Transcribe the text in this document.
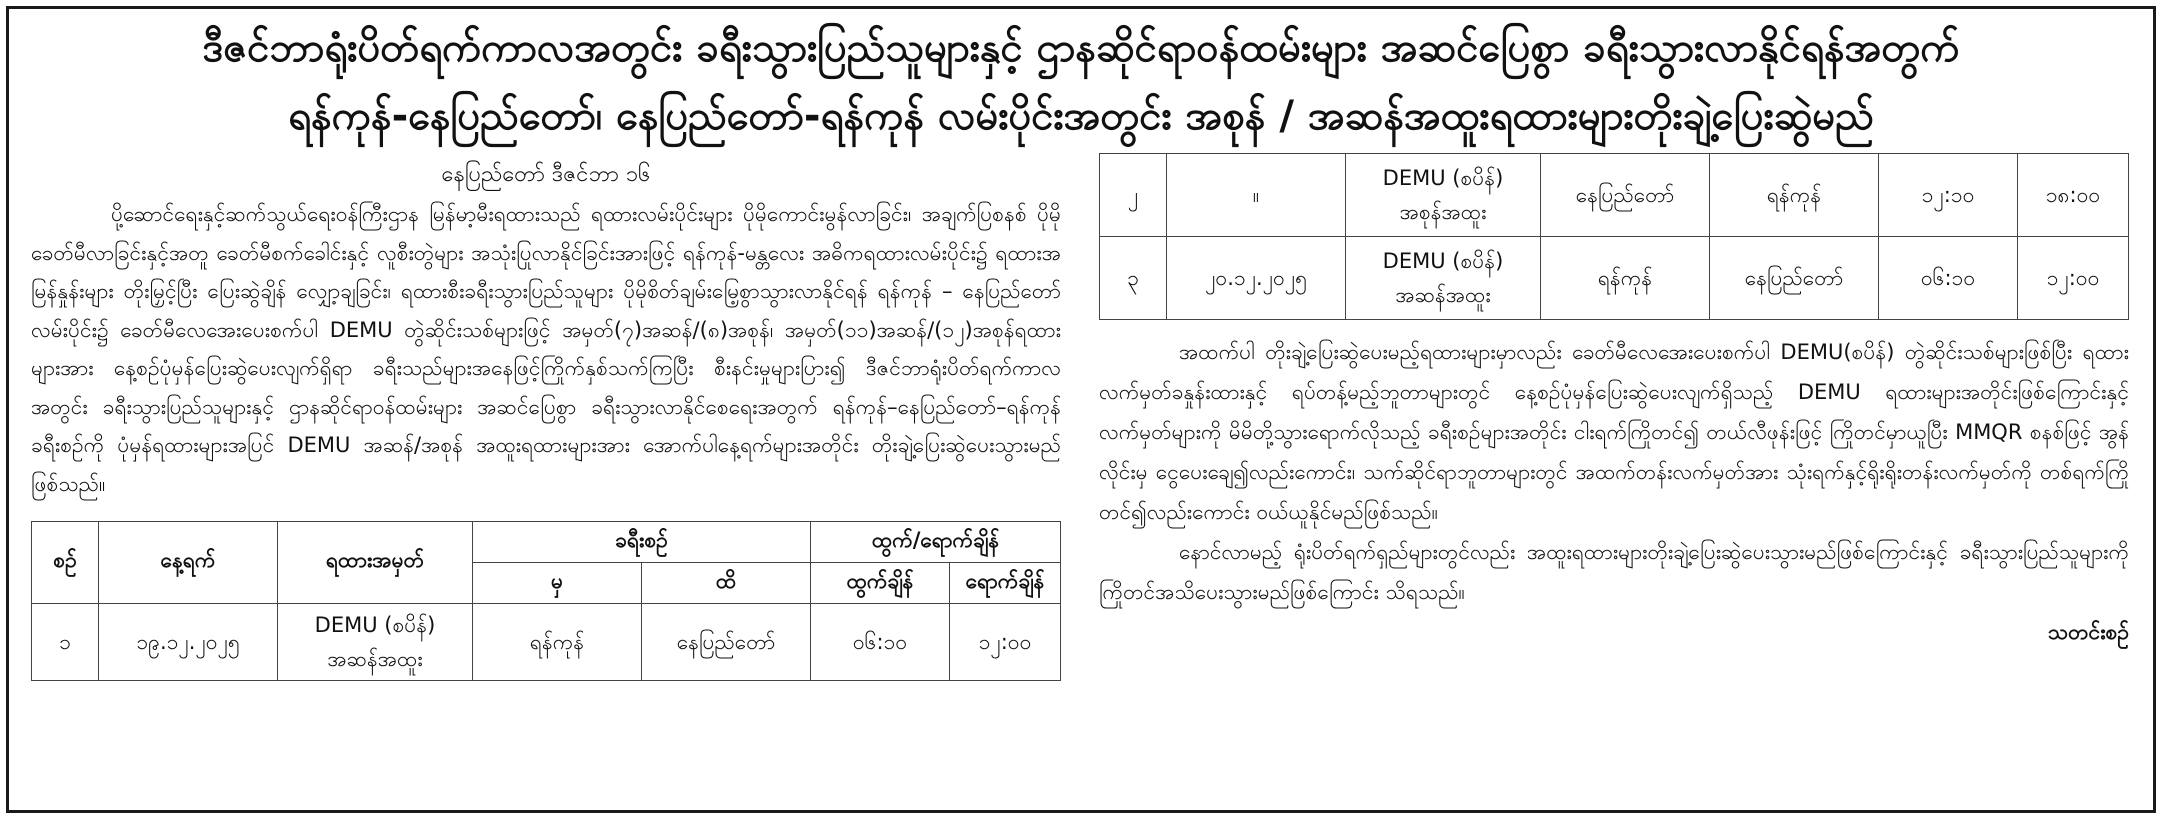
ဒီဇင်ဘာရုံးပိတ်ရက်ကာလအတွင်း ခရီးသွားပြည်သူများနှင့် ဌာနဆိုင်ရာဝန်ထမ်းများ အဆင်ပြေစွာ ခရီးသွားလာနိုင်ရန်အတွက်
ရန်ကုန်-နေပြည်တော်၊ နေပြည်တော်-ရန်ကုန် လမ်းပိုင်းအတွင်း အစုန် / အဆန်အထူးရထားများတိုးချဲ့ပြေးဆွဲမည်
နေပြည်တော် ဒီဇင်ဘာ ၁၆

ပို့ဆောင်ရေးနှင့်ဆက်သွယ်ရေးဝန်ကြီးဌာန မြန်မာ့မီးရထားသည် ရထားလမ်းပိုင်းများ ပိုမိုကောင်းမွန်လာခြင်း၊ အချက်ပြစနစ် ပိုမိုခေတ်မီလာခြင်းနှင့်အတူ ခေတ်မီစက်ခေါင်းနှင့် လူစီးတွဲများ အသုံးပြုလာနိုင်ခြင်းအားဖြင့် ရန်ကုန်-မန္တလေး အဓိကရထားလမ်းပိုင်း၌ ရထားအမြန်နှုန်းများ တိုးမြှင့်ပြီး ပြေးဆွဲချိန် လျှော့ချခြင်း၊ ရထားစီးခရီးသွားပြည်သူများ ပိုမိုစိတ်ချမ်းမြေ့စွာသွားလာနိုင်ရန် ရန်ကုန် – နေပြည်တော်လမ်းပိုင်း၌ ခေတ်မီလေအေးပေးစက်ပါ DEMU တွဲဆိုင်းသစ်များဖြင့် အမှတ်(၇)အဆန်/(၈)အစုန်၊ အမှတ်(၁၁)အဆန်/(၁၂)အစုန်ရထားများအား နေ့စဉ်ပုံမှန်ပြေးဆွဲပေးလျက်ရှိရာ ခရီးသည်များအနေဖြင့်ကြိုက်နှစ်သက်ကြပြီး စီးနင်းမှုများပြား၍ ဒီဇင်ဘာရုံးပိတ်ရက်ကာလအတွင်း ခရီးသွားပြည်သူများနှင့် ဌာနဆိုင်ရာဝန်ထမ်းများ အဆင်ပြေစွာ ခရီးသွားလာနိုင်စေရေးအတွက် ရန်ကုန်–နေပြည်တော်–ရန်ကုန် ခရီးစဉ်ကို ပုံမှန်ရထားများအပြင် DEMU အဆန်/အစုန် အထူးရထားများအား အောက်ပါနေ့ရက်များအတိုင်း တိုးချဲ့ပြေးဆွဲပေးသွားမည်ဖြစ်သည်။

စဉ်	နေ့ရက်	ရထားအမှတ်	ခရီးစဉ်		ထွက်/ရောက်ချိန်	
			မှ	ထိ	ထွက်ချိန်	ရောက်ချိန်
၁	၁၉.၁၂.၂၀၂၅	DEMU (စပိန်)
အဆန်အထူး	ရန်ကုန်	နေပြည်တော်	၀၆:၁၀	၁၂:၀၀
၂	။	DEMU (စပိန်)
အစုန်အထူး	နေပြည်တော်	ရန်ကုန်	၁၂:၁၀	၁၈:၀၀
၃	၂၀.၁၂.၂၀၂၅	DEMU (စပိန်)
အဆန်အထူး	ရန်ကုန်	နေပြည်တော်	၀၆:၁၀	၁၂:၀၀

အထက်ပါ တိုးချဲ့ပြေးဆွဲပေးမည့်ရထားများမှာလည်း ခေတ်မီလေအေးပေးစက်ပါ DEMU(စပိန်) တွဲဆိုင်းသစ်များဖြစ်ပြီး ရထားလက်မှတ်ခနှုန်းထားနှင့် ရပ်တန့်မည့်ဘူတာများတွင် နေ့စဉ်ပုံမှန်ပြေးဆွဲပေးလျက်ရှိသည့် DEMU ရထားများအတိုင်းဖြစ်ကြောင်းနှင့် လက်မှတ်များကို မိမိတို့သွားရောက်လိုသည့် ခရီးစဉ်များအတိုင်း ငါးရက်ကြိုတင်၍ တယ်လီဖုန်းဖြင့် ကြိုတင်မှာယူပြီး MMQR စနစ်ဖြင့် အွန်လိုင်းမှ ငွေပေးချေ၍လည်းကောင်း၊ သက်ဆိုင်ရာဘူတာများတွင် အထက်တန်းလက်မှတ်အား သုံးရက်နှင့်ရိုးရိုးတန်းလက်မှတ်ကို တစ်ရက်ကြိုတင်၍လည်းကောင်း ဝယ်ယူနိုင်မည်ဖြစ်သည်။

နောင်လာမည့် ရုံးပိတ်ရက်ရှည်များတွင်လည်း အထူးရထားများတိုးချဲ့ပြေးဆွဲပေးသွားမည်ဖြစ်ကြောင်းနှင့် ခရီးသွားပြည်သူများကို ကြိုတင်အသိပေးသွားမည်ဖြစ်ကြောင်း သိရသည်။

သတင်းစဉ်
